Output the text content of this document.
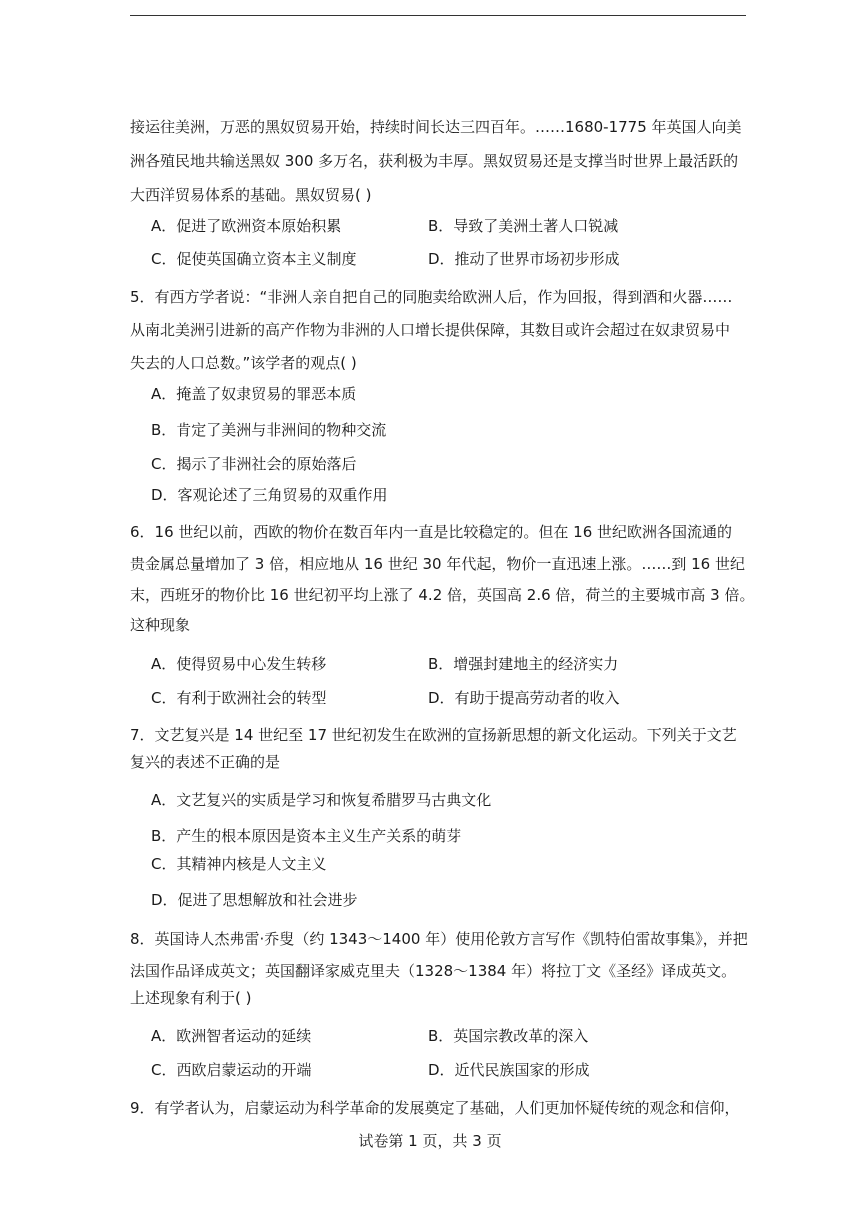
接运往美洲，万恶的黑奴贸易开始，持续时间长达三四百年。……1680-1775 年英国人向美
洲各殖民地共输送黑奴 300 多万名，获利极为丰厚。黑奴贸易还是支撑当时世界上最活跃的
大西洋贸易体系的基础。黑奴贸易( )
A．促进了欧洲资本原始积累	B．导致了美洲土著人口锐减
C．促使英国确立资本主义制度	D．推动了世界市场初步形成
5．有西方学者说：“非洲人亲自把自己的同胞卖给欧洲人后，作为回报，得到酒和火器……
从南北美洲引进新的高产作物为非洲的人口增长提供保障，其数目或许会超过在奴隶贸易中
失去的人口总数。”该学者的观点( )
A．掩盖了奴隶贸易的罪恶本质
B．肯定了美洲与非洲间的物种交流
C．揭示了非洲社会的原始落后
D．客观论述了三角贸易的双重作用
6．16 世纪以前，西欧的物价在数百年内一直是比较稳定的。但在 16 世纪欧洲各国流通的
贵金属总量增加了 3 倍，相应地从 16 世纪 30 年代起，物价一直迅速上涨。……到 16 世纪
末，西班牙的物价比 16 世纪初平均上涨了 4.2 倍，英国高 2.6 倍，荷兰的主要城市高 3 倍。
这种现象
A．使得贸易中心发生转移	B．增强封建地主的经济实力
C．有利于欧洲社会的转型	D．有助于提高劳动者的收入
7．文艺复兴是 14 世纪至 17 世纪初发生在欧洲的宣扬新思想的新文化运动。下列关于文艺
复兴的表述不正确的是
A．文艺复兴的实质是学习和恢复希腊罗马古典文化
B．产生的根本原因是资本主义生产关系的萌芽
C．其精神内核是人文主义
D．促进了思想解放和社会进步
8．英国诗人杰弗雷·乔叟（约 1343～1400 年）使用伦敦方言写作《凯特伯雷故事集》，并把
法国作品译成英文；英国翻译家威克里夫（1328～1384 年）将拉丁文《圣经》译成英文。
上述现象有利于( )
A．欧洲智者运动的延续	B．英国宗教改革的深入
C．西欧启蒙运动的开端	D．近代民族国家的形成
9．有学者认为，启蒙运动为科学革命的发展奠定了基础，人们更加怀疑传统的观念和信仰，
试卷第 1 页，共 3 页
